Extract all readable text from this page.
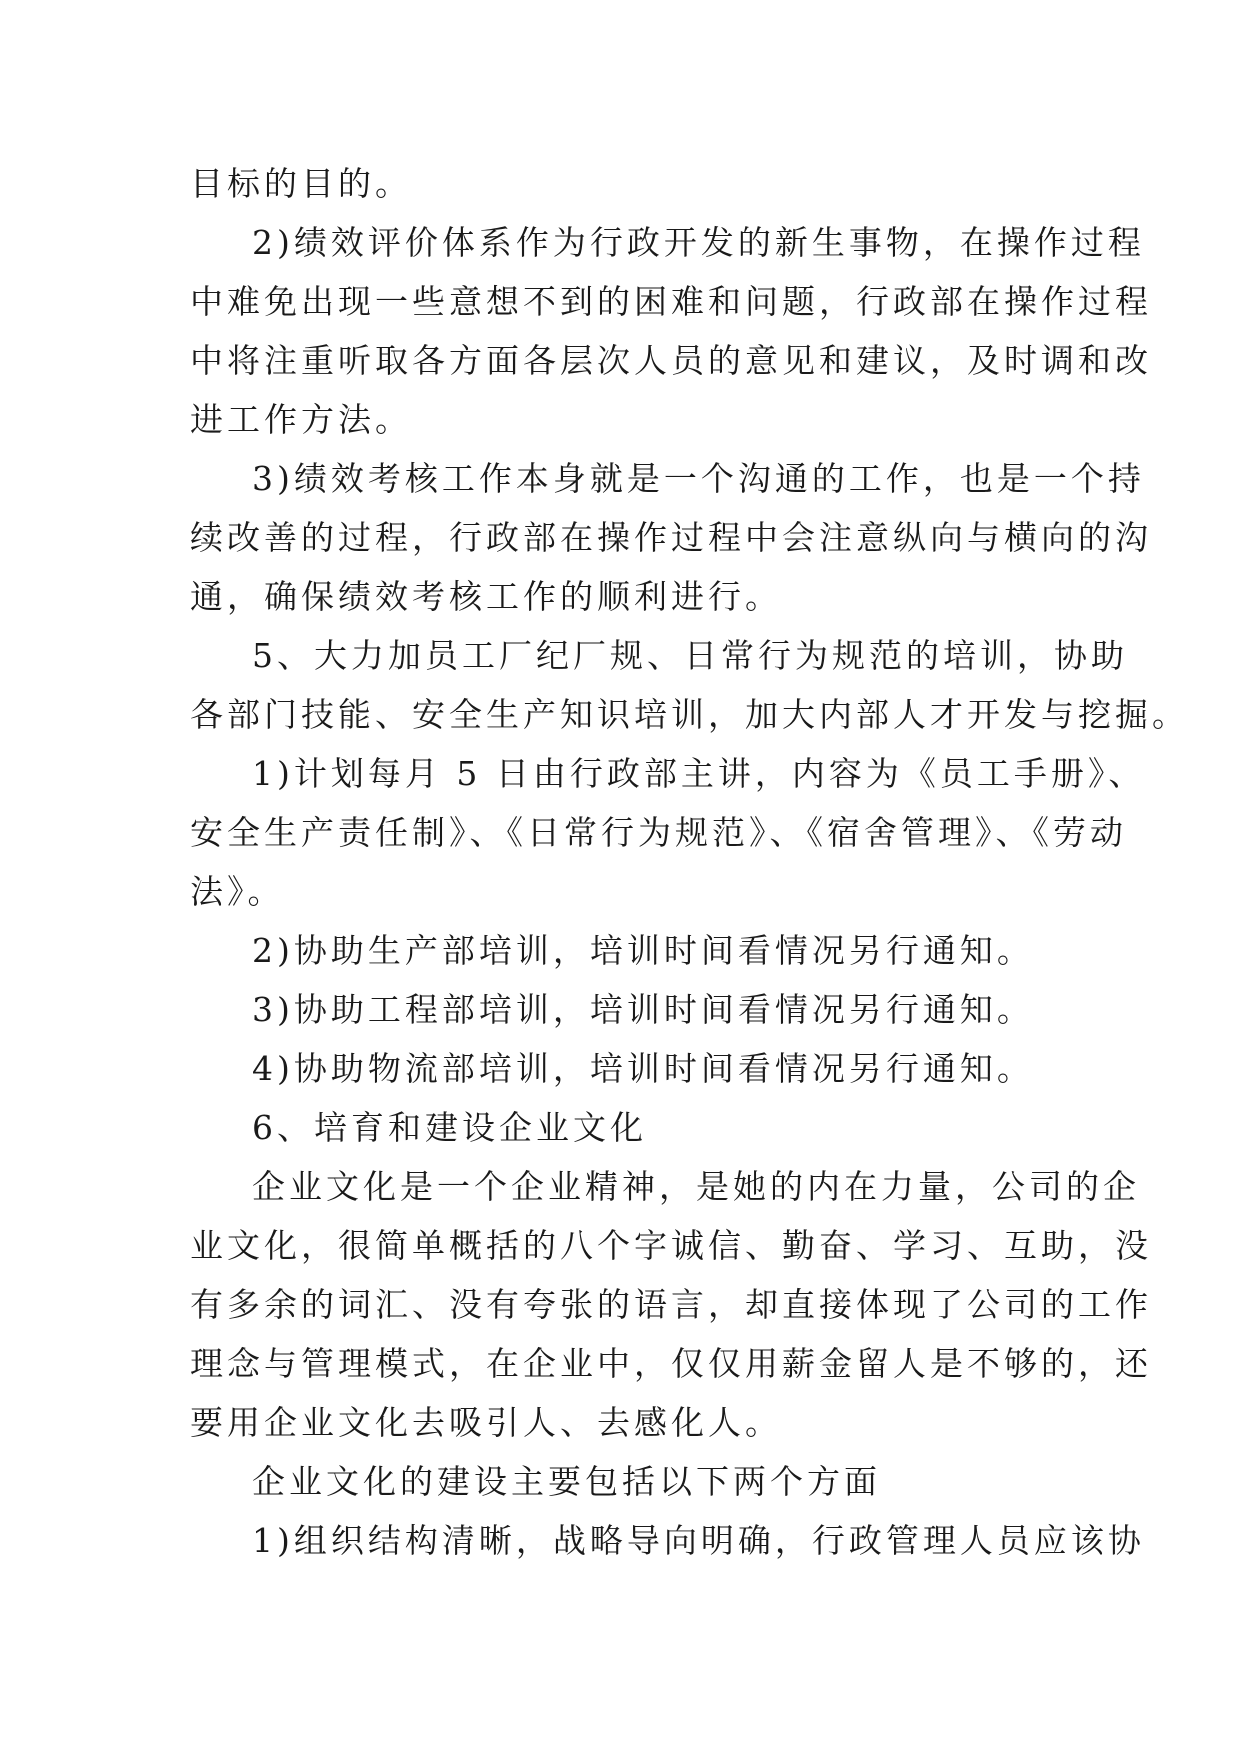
目标的目的。
2)绩效评价体系作为行政开发的新生事物，在操作过程
中难免出现一些意想不到的困难和问题，行政部在操作过程
中将注重听取各方面各层次人员的意见和建议，及时调和改
进工作方法。
3)绩效考核工作本身就是一个沟通的工作，也是一个持
续改善的过程，行政部在操作过程中会注意纵向与横向的沟
通，确保绩效考核工作的顺利进行。
5、大力加员工厂纪厂规、日常行为规范的培训，协助
各部门技能、安全生产知识培训，加大内部人才开发与挖掘。
1)计划每月 5 日由行政部主讲，内容为《员工手册》、
安全生产责任制》、《日常行为规范》、《宿舍管理》、《劳动
法》。
2)协助生产部培训，培训时间看情况另行通知。
3)协助工程部培训，培训时间看情况另行通知。
4)协助物流部培训，培训时间看情况另行通知。
6、培育和建设企业文化
企业文化是一个企业精神，是她的内在力量，公司的企
业文化，很简单概括的八个字诚信、勤奋、学习、互助，没
有多余的词汇、没有夸张的语言，却直接体现了公司的工作
理念与管理模式，在企业中，仅仅用薪金留人是不够的，还
要用企业文化去吸引人、去感化人。
企业文化的建设主要包括以下两个方面
1)组织结构清晰，战略导向明确，行政管理人员应该协
